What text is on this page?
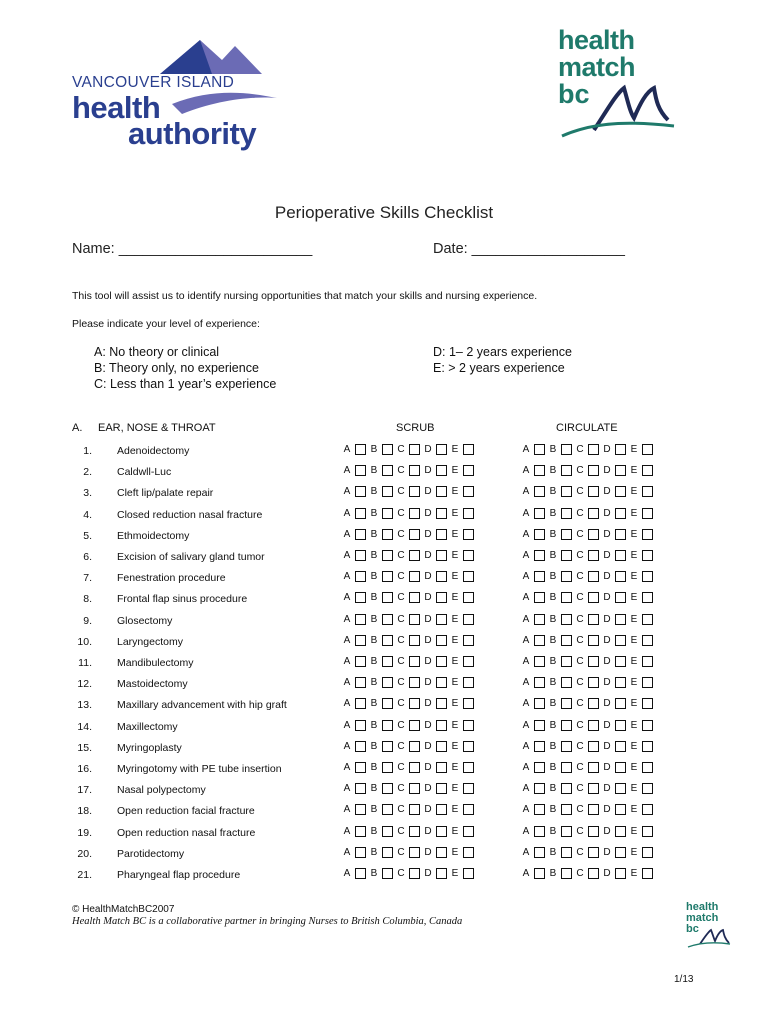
VANCOUVER ISLAND
health
authority
health
match
bc
Perioperative Skills Checklist
Name: ________________________	Date: ___________________
This tool will assist us to identify nursing opportunities that match your skills and nursing experience.
Please indicate your level of experience:
A: No theory or clinical
B: Theory only, no experience
C: Less than 1 year’s experience
D: 1– 2 years experience
E: > 2 years experience
A. EAR, NOSE & THROAT	SCRUB	CIRCULATE
1. Adenoidectomy	A B C D E	A B C D E
2. Caldwll-Luc	A B C D E	A B C D E
3. Cleft lip/palate repair	A B C D E	A B C D E
4. Closed reduction nasal fracture	A B C D E	A B C D E
5. Ethmoidectomy	A B C D E	A B C D E
6. Excision of salivary gland tumor	A B C D E	A B C D E
7. Fenestration procedure	A B C D E	A B C D E
8. Frontal flap sinus procedure	A B C D E	A B C D E
9. Glosectomy	A B C D E	A B C D E
10. Laryngectomy	A B C D E	A B C D E
11. Mandibulectomy	A B C D E	A B C D E
12. Mastoidectomy	A B C D E	A B C D E
13. Maxillary advancement with hip graft	A B C D E	A B C D E
14. Maxillectomy	A B C D E	A B C D E
15. Myringoplasty	A B C D E	A B C D E
16. Myringotomy with PE tube insertion	A B C D E	A B C D E
17. Nasal polypectomy	A B C D E	A B C D E
18. Open reduction facial fracture	A B C D E	A B C D E
19. Open reduction nasal fracture	A B C D E	A B C D E
20. Parotidectomy	A B C D E	A B C D E
21. Pharyngeal flap procedure	A B C D E	A B C D E
© HealthMatchBC2007
Health Match BC is a collaborative partner in bringing Nurses to British Columbia, Canada
health
match
bc
1/13
